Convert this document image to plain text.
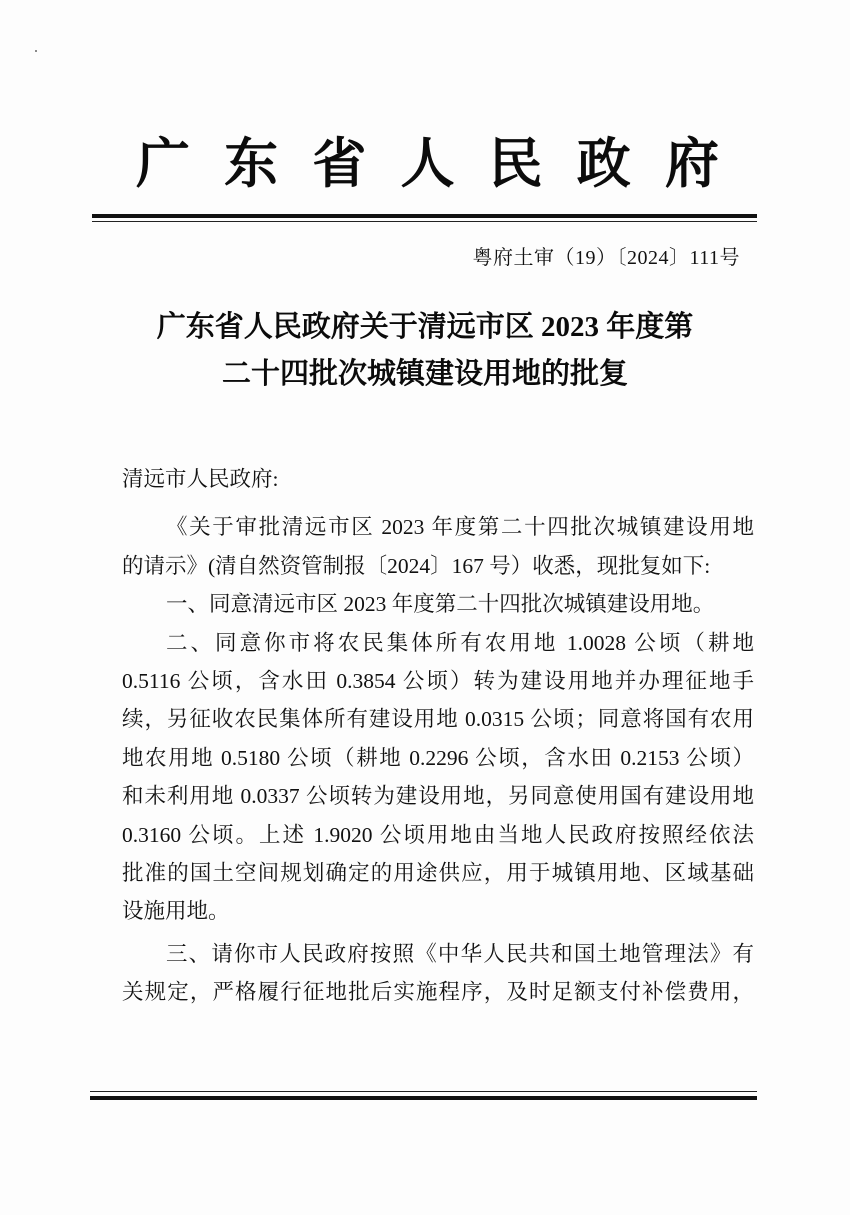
广 东 省 人 民 政 府
粤府土审（19）〔2024〕111号
广东省人民政府关于清远市区 2023 年度第
二十四批次城镇建设用地的批复
清远市人民政府:
《关于审批清远市区 2023 年度第二十四批次城镇建设用地
的请示》(清自然资管制报〔2024〕167 号）收悉，现批复如下:
一、同意清远市区 2023 年度第二十四批次城镇建设用地。
二、同意你市将农民集体所有农用地 1.0028 公顷（耕地
0.5116 公顷，含水田 0.3854 公顷）转为建设用地并办理征地手
续，另征收农民集体所有建设用地 0.0315 公顷；同意将国有农用
地农用地 0.5180 公顷（耕地 0.2296 公顷，含水田 0.2153 公顷）
和未利用地 0.0337 公顷转为建设用地，另同意使用国有建设用地
0.3160 公顷。上述 1.9020 公顷用地由当地人民政府按照经依法
批准的国土空间规划确定的用途供应，用于城镇用地、区域基础
设施用地。
三、请你市人民政府按照《中华人民共和国土地管理法》有
关规定，严格履行征地批后实施程序，及时足额支付补偿费用，
